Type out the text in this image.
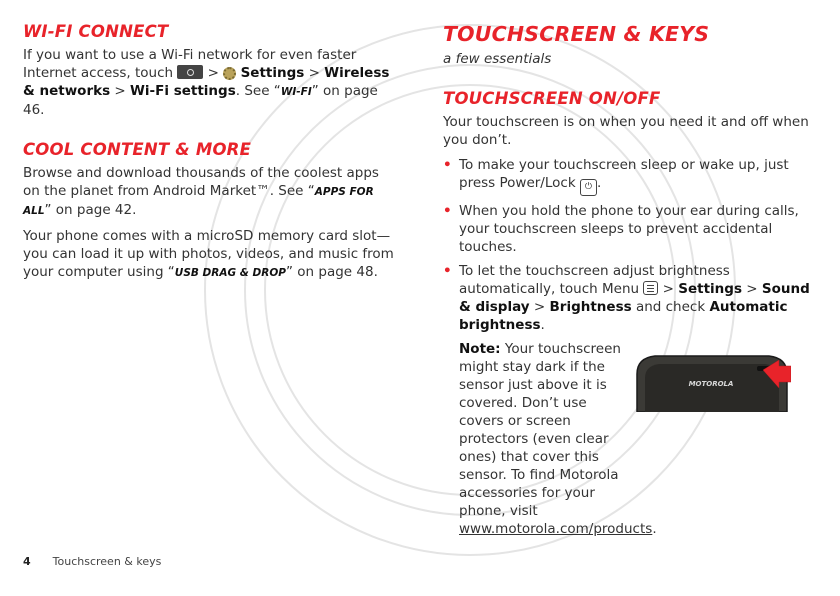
WI-FI CONNECT

If you want to use a Wi-Fi network for even faster Internet access, touch	> Settings > Wireless & networks > Wi-Fi settings. See “WI-FI” on page 46.

COOL CONTENT & MORE

Browse and download thousands of the coolest apps on the planet from Android Market™. See “APPS FOR ALL” on page 42.

Your phone comes with a microSD memory card slot—you can load it up with photos, videos, and music from your computer using “USB DRAG & DROP” on page 48.

TOUCHSCREEN & KEYS

a few essentials

TOUCHSCREEN ON/OFF

Your touchscreen is on when you need it and off when you don’t.

• To make your touchscreen sleep or wake up, just press Power/Lock ⏻ .
• When you hold the phone to your ear during calls, your touchscreen sleeps to prevent accidental touches.
• To let the touchscreen adjust brightness automatically, touch Menu > Settings > Sound & display > Brightness and check Automatic brightness.

Note: Your touchscreen might stay dark if the sensor just above it is covered. Don’t use covers or screen protectors (even clear ones) that cover this sensor. To find Motorola accessories for your phone, visit www.motorola.com/products.

MOTOROLA
4 Touchscreen & keys
